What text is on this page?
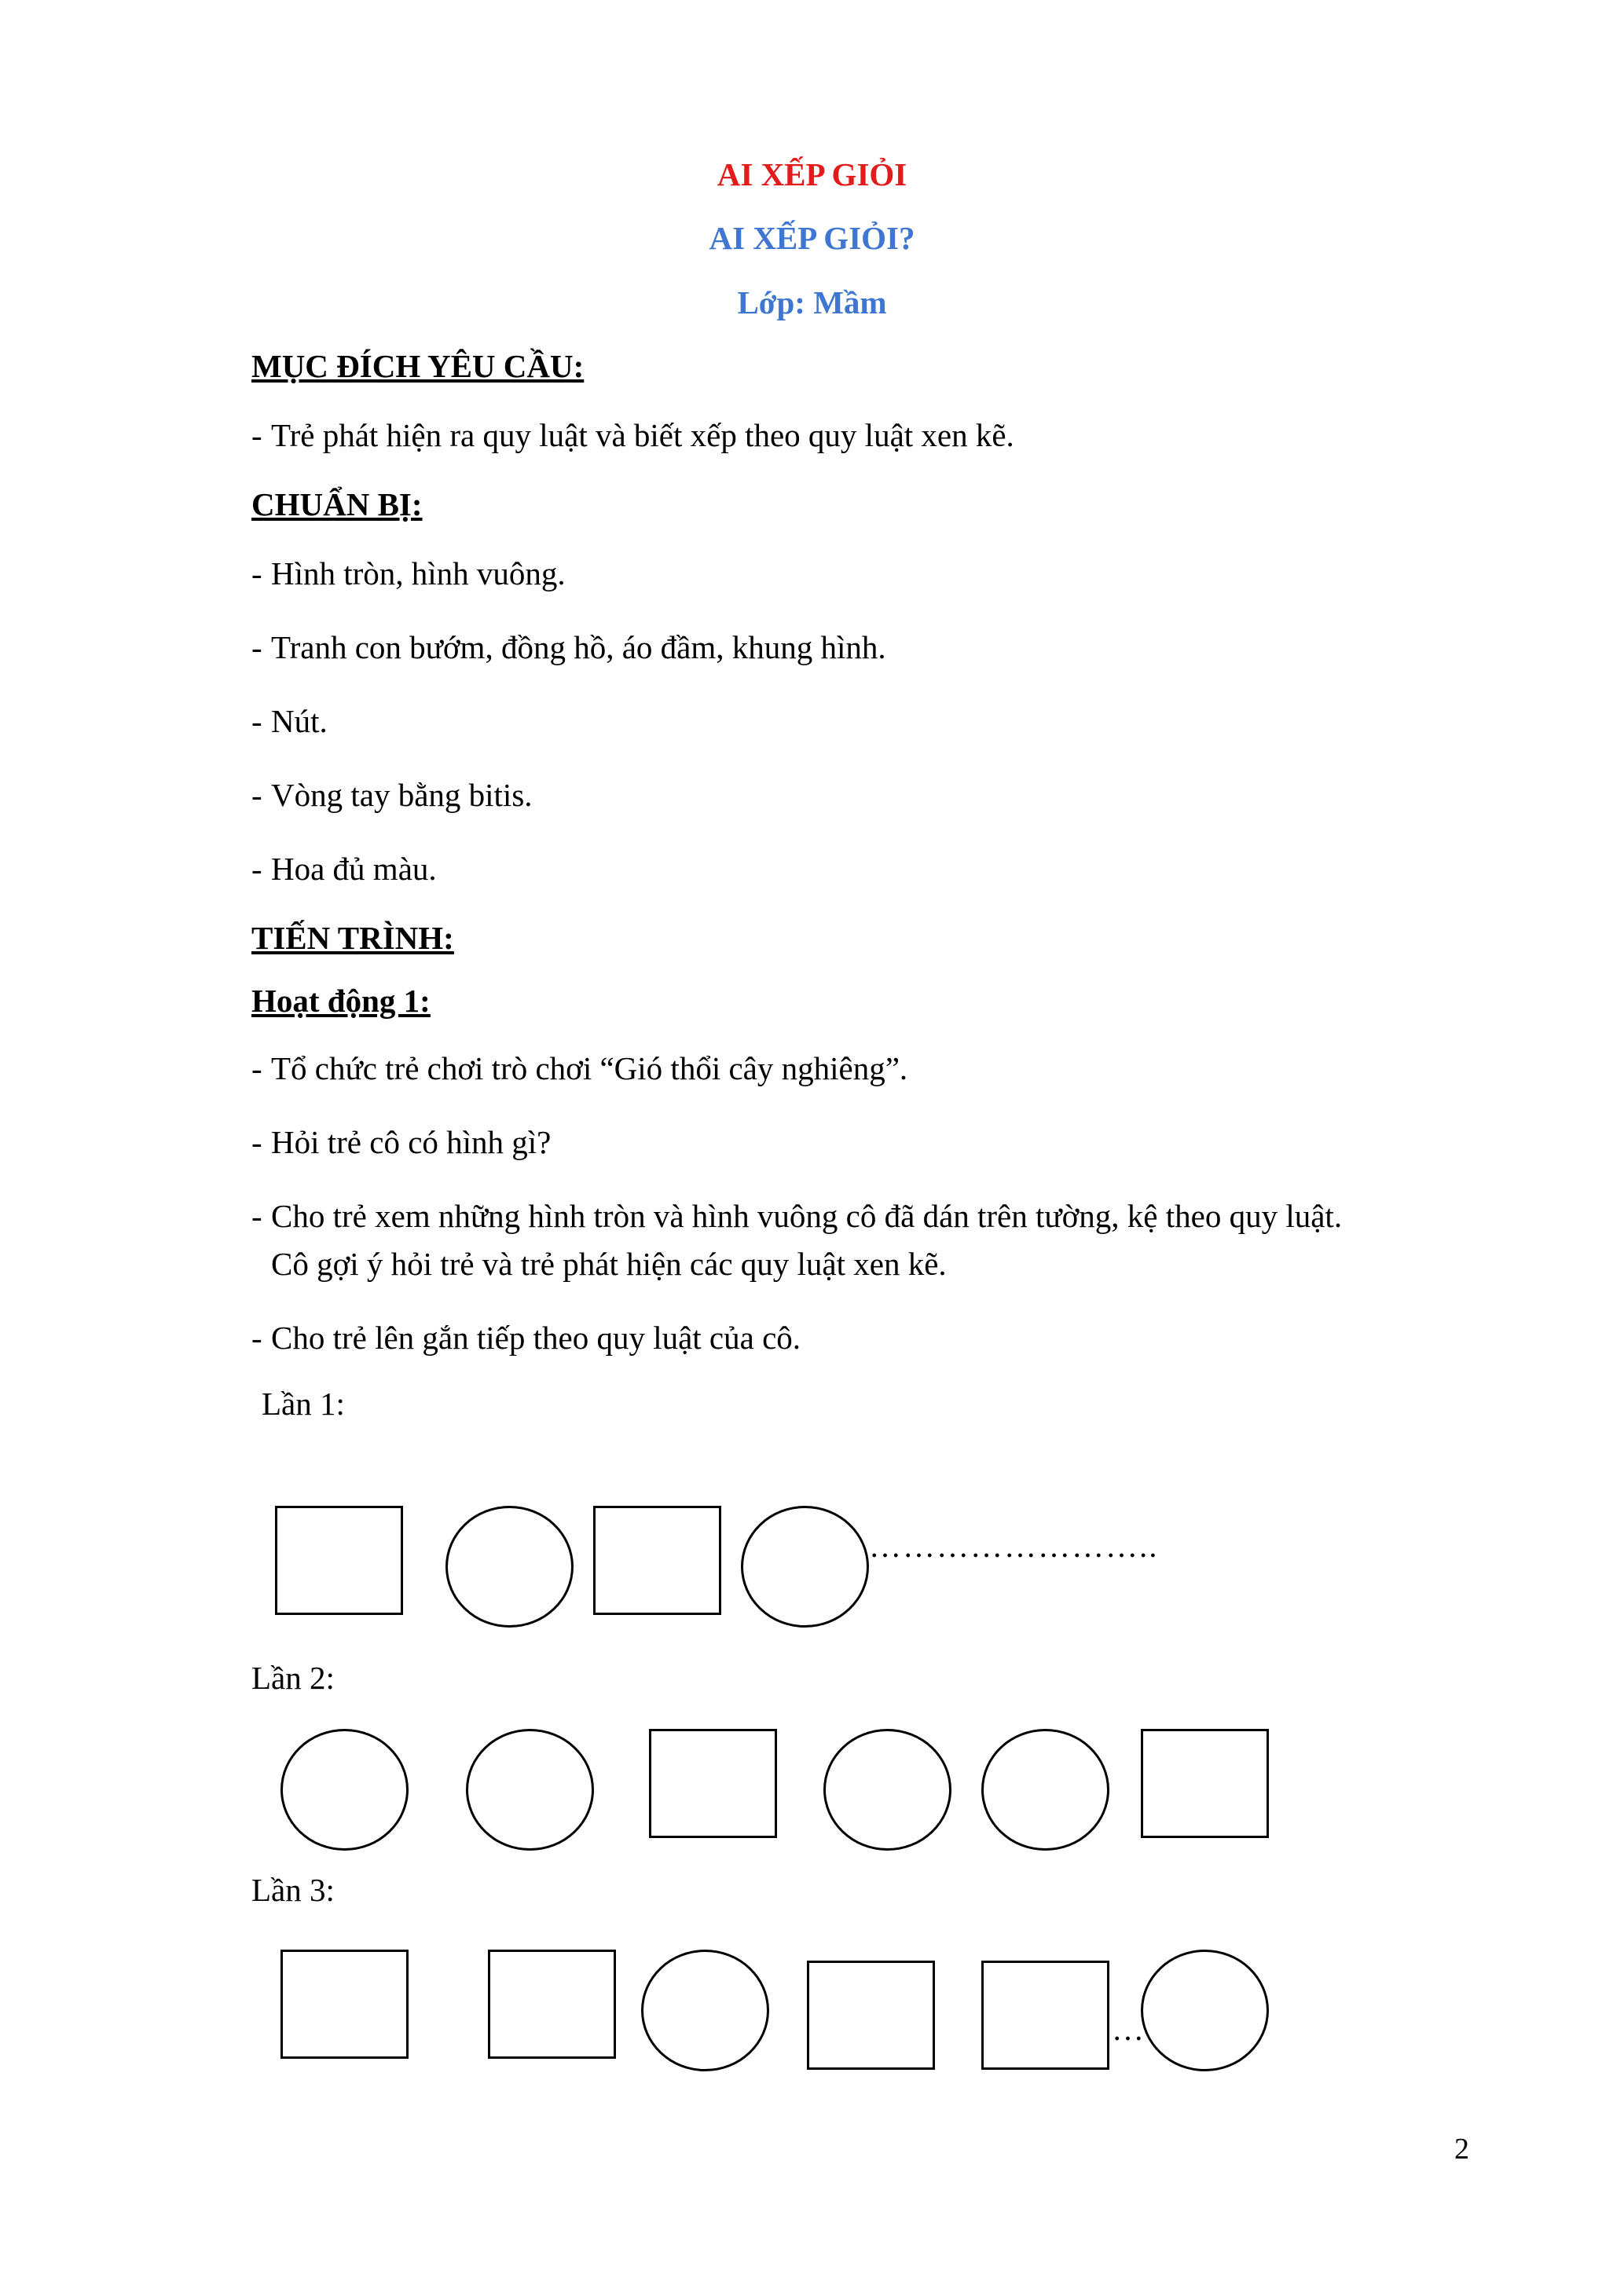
AI XẾP GIỎI
AI XẾP GIỎI?
Lớp: Mầm
MỤC ĐÍCH YÊU CẦU:
- Trẻ phát hiện ra quy luật và biết xếp theo quy luật xen kẽ.
CHUẨN BỊ:
- Hình tròn, hình vuông.
- Tranh con bướm, đồng hồ, áo đầm, khung hình.
- Nút.
- Vòng tay bằng bitis.
- Hoa đủ màu.
TIẾN TRÌNH:
Hoạt động 1:
- Tổ chức trẻ chơi trò chơi “Gió thổi cây nghiêng”.
- Hỏi trẻ cô có hình gì?
- Cho trẻ xem những hình tròn và hình vuông cô đã dán trên tường, kệ theo quy luật.
Cô gợi ý hỏi trẻ và trẻ phát hiện các quy luật xen kẽ.
- Cho trẻ lên gắn tiếp theo quy luật của cô.
Lần 1:
……………………..
Lần 2:
Lần 3:
…
2
